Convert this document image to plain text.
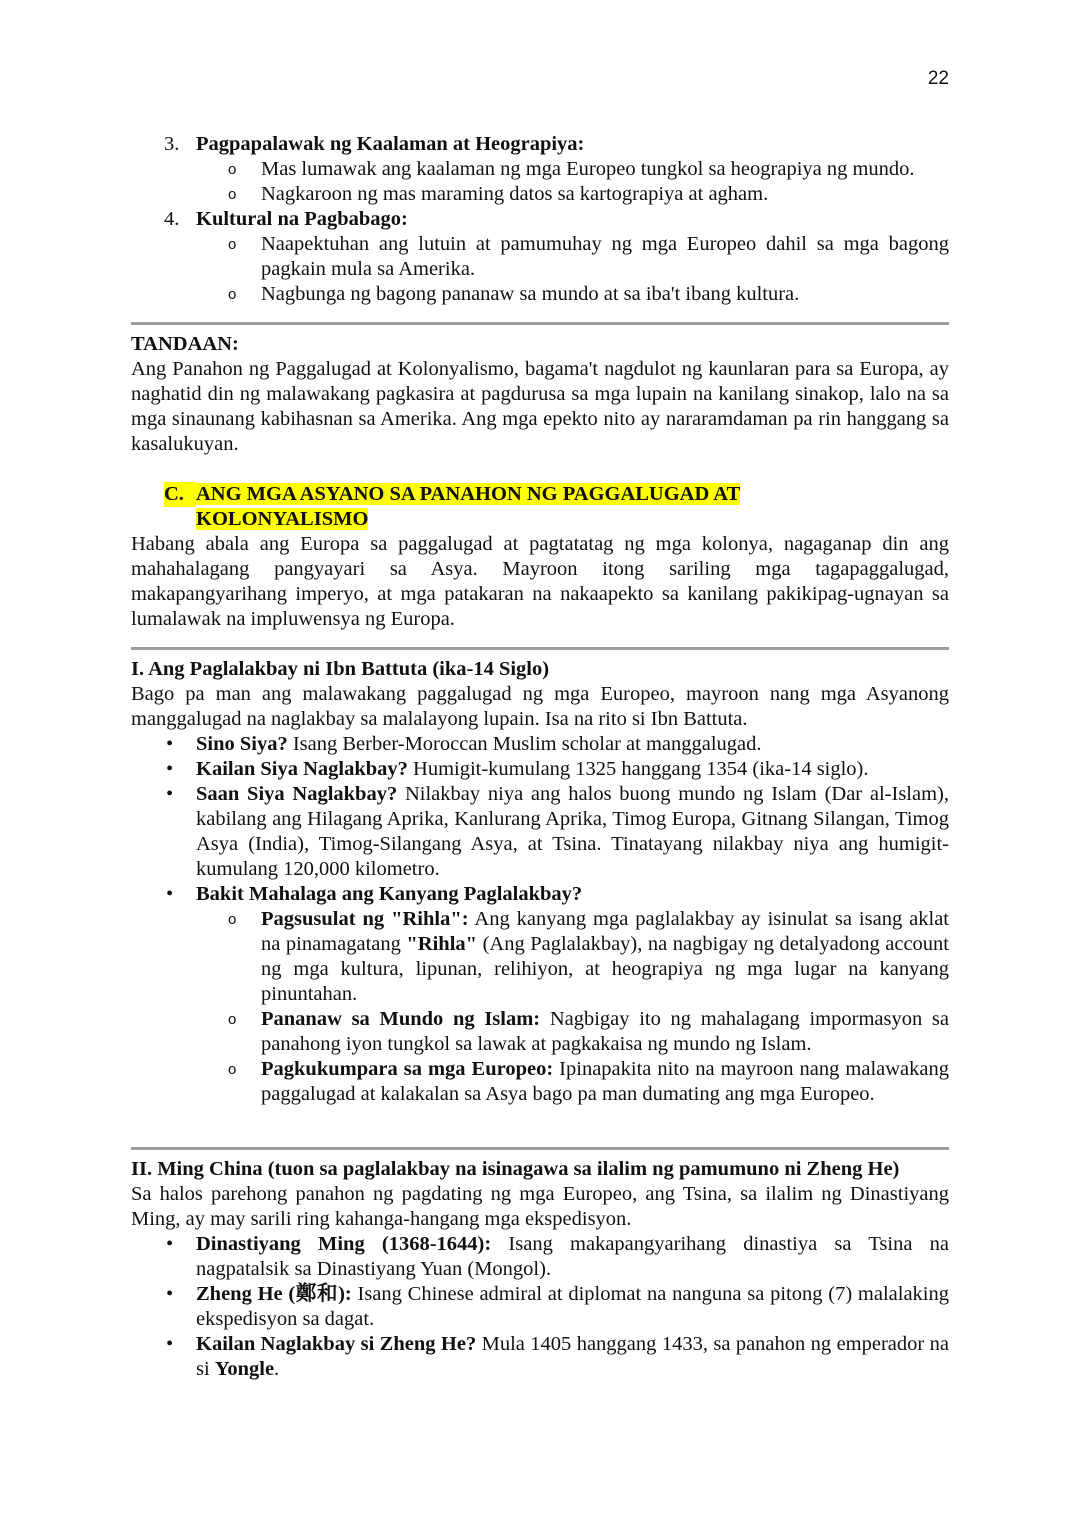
22
3. Pagpapalawak ng Kaalaman at Heograpiya:
o Mas lumawak ang kaalaman ng mga Europeo tungkol sa heograpiya ng mundo.
o Nagkaroon ng mas maraming datos sa kartograpiya at agham.
4. Kultural na Pagbabago:
o Naapektuhan ang lutuin at pamumuhay ng mga Europeo dahil sa mga bagong pagkain mula sa Amerika.
o Nagbunga ng bagong pananaw sa mundo at sa iba't ibang kultura.
TANDAAN:
Ang Panahon ng Paggalugad at Kolonyalismo, bagama't nagdulot ng kaunlaran para sa Europa, ay naghatid din ng malawakang pagkasira at pagdurusa sa mga lupain na kanilang sinakop, lalo na sa mga sinaunang kabihasnan sa Amerika. Ang mga epekto nito ay nararamdaman pa rin hanggang sa kasalukuyan.
C. ANG MGA ASYANO SA PANAHON NG PAGGALUGAD AT
KOLONYALISMO
Habang abala ang Europa sa paggalugad at pagtatatag ng mga kolonya, nagaganap din ang mahahalagang pangyayari sa Asya. Mayroon itong sariling mga tagapaggalugad, makapangyarihang imperyo, at mga patakaran na nakaapekto sa kanilang pakikipag-ugnayan sa lumalawak na impluwensya ng Europa.
I. Ang Paglalakbay ni Ibn Battuta (ika-14 Siglo)
Bago pa man ang malawakang paggalugad ng mga Europeo, mayroon nang mga Asyanong manggalugad na naglakbay sa malalayong lupain. Isa na rito si Ibn Battuta.
• Sino Siya? Isang Berber-Moroccan Muslim scholar at manggalugad.
• Kailan Siya Naglakbay? Humigit-kumulang 1325 hanggang 1354 (ika-14 siglo).
• Saan Siya Naglakbay? Nilakbay niya ang halos buong mundo ng Islam (Dar al-Islam), kabilang ang Hilagang Aprika, Kanlurang Aprika, Timog Europa, Gitnang Silangan, Timog Asya (India), Timog-Silangang Asya, at Tsina. Tinatayang nilakbay niya ang humigit-kumulang 120,000 kilometro.
• Bakit Mahalaga ang Kanyang Paglalakbay?
o Pagsusulat ng "Rihla": Ang kanyang mga paglalakbay ay isinulat sa isang aklat na pinamagatang "Rihla" (Ang Paglalakbay), na nagbigay ng detalyadong account ng mga kultura, lipunan, relihiyon, at heograpiya ng mga lugar na kanyang pinuntahan.
o Pananaw sa Mundo ng Islam: Nagbigay ito ng mahalagang impormasyon sa panahong iyon tungkol sa lawak at pagkakaisa ng mundo ng Islam.
o Pagkukumpara sa mga Europeo: Ipinapakita nito na mayroon nang malawakang paggalugad at kalakalan sa Asya bago pa man dumating ang mga Europeo.
II. Ming China (tuon sa paglalakbay na isinagawa sa ilalim ng pamumuno ni Zheng He)
Sa halos parehong panahon ng pagdating ng mga Europeo, ang Tsina, sa ilalim ng Dinastiyang Ming, ay may sarili ring kahanga-hangang mga ekspedisyon.
• Dinastiyang Ming (1368-1644): Isang makapangyarihang dinastiya sa Tsina na nagpatalsik sa Dinastiyang Yuan (Mongol).
• Zheng He (鄭和): Isang Chinese admiral at diplomat na nanguna sa pitong (7) malalaking ekspedisyon sa dagat.
• Kailan Naglakbay si Zheng He? Mula 1405 hanggang 1433, sa panahon ng emperador na si Yongle.
